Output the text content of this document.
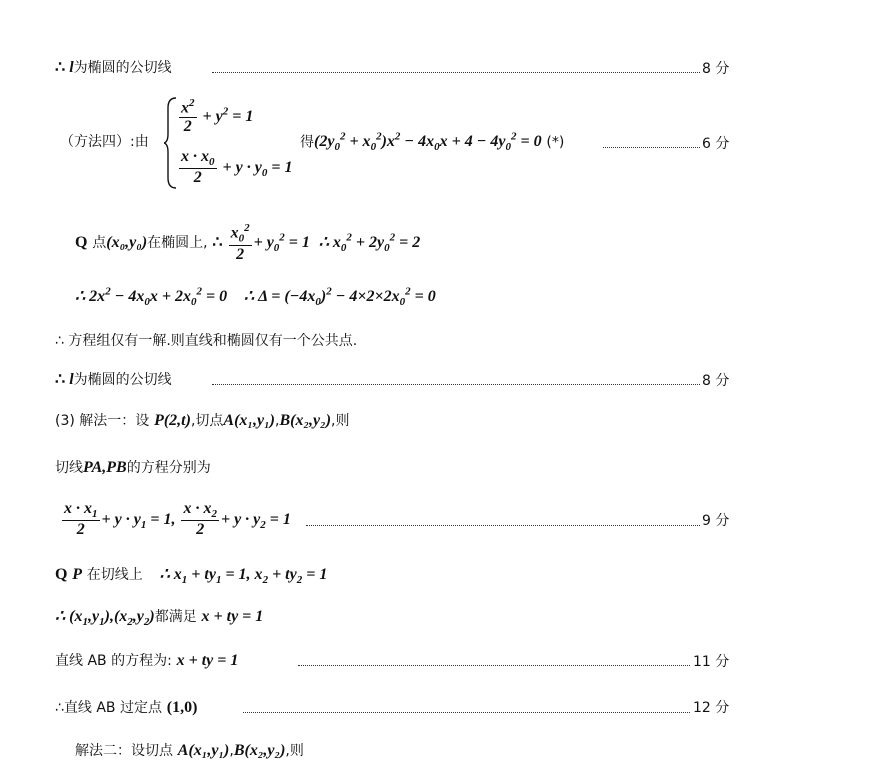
∴ l为椭圆的公切线	8 分
（方法四）:由
$\frac{x^2}{2} + y^2 = 1$
$\frac{x \cdot x_0}{2} + y \cdot y_0 = 1$
得$(2y_0^2 + x_0^2)x^2 - 4x_0x + 4 - 4y_0^2 = 0$ (*)	6 分
Q 点(x₀,y₀)在椭圆上, ∴ $\frac{x_0^2}{2} + y_0^2 = 1$  ∴ $x_0^2 + 2y_0^2 = 2$
∴ $2x^2 - 4x_0x + 2x_0^2 = 0$    ∴ $\Delta = (-4x_0)^2 - 4\times 2\times 2x_0^2 = 0$
∴ 方程组仅有一解.则直线和椭圆仅有一个公共点.
∴ l为椭圆的公切线	8 分
(3) 解法一：设 P(2,t),切点A(x₁,y₁),B(x₂,y₂),则
切线PA,PB的方程分别为
$\frac{x \cdot x_1}{2} + y \cdot y_1 = 1$, $\frac{x \cdot x_2}{2} + y \cdot y_2 = 1$	9 分
Q P 在切线上    ∴ $x_1 + ty_1 = 1$, $x_2 + ty_2 = 1$
∴ $(x_1,y_1),(x_2,y_2)$都满足 x + ty = 1
直线 AB 的方程为: x + ty = 1	11 分
∴直线 AB 过定点 (1,0)	12 分
解法二：设切点 A(x₁,y₁),B(x₂,y₂),则
